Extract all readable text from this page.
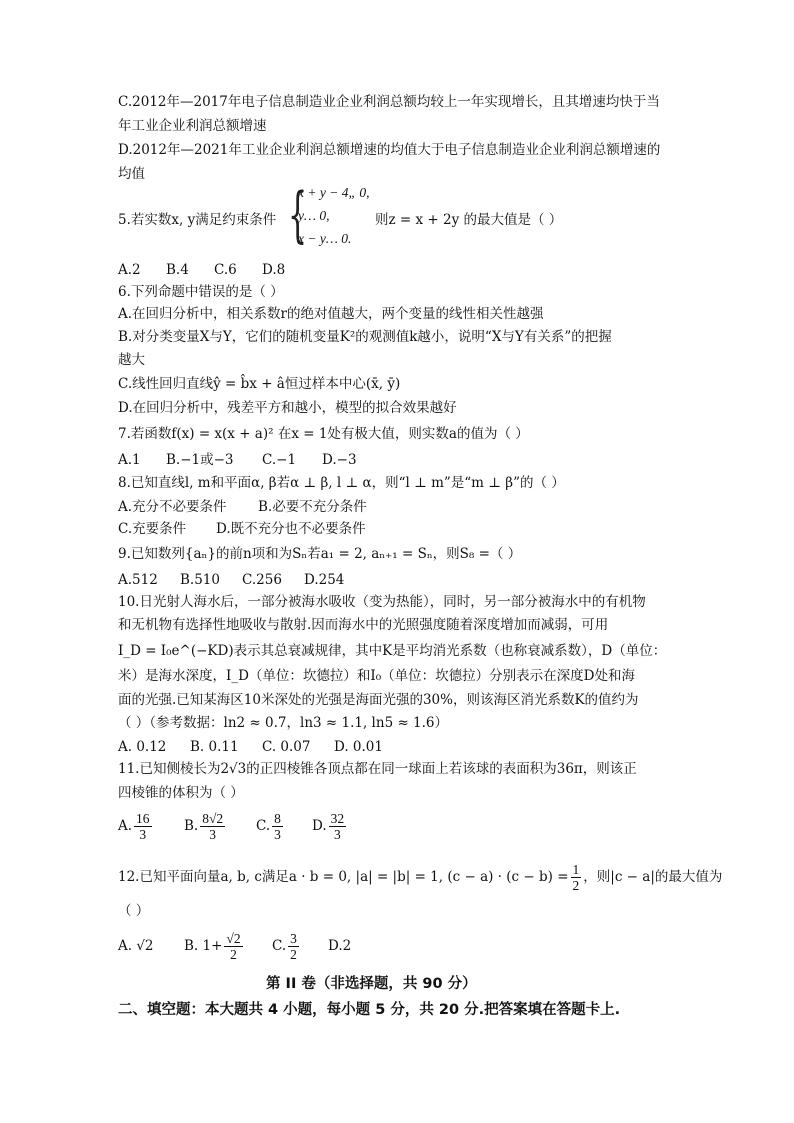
C.2012年—2017年电子信息制造业企业利润总额均较上一年实现增长，且其增速均快于当
年工业企业利润总额增速
D.2012年—2021年工业企业利润总额增速的均值大于电子信息制造业企业利润总额增速的
均值
5.若实数x, y满足约束条件 {
x + y − 4„ 0,
y… 0,
x − y… 0.
则z = x + 2y 的最大值是（ ）
A.2 B.4 C.6 D.8
6.下列命题中错误的是（ ）
A.在回归分析中，相关系数r的绝对值越大，两个变量的线性相关性越强
B.对分类变量X与Y，它们的随机变量K²的观测值k越小，说明“X与Y有关系”的把握
越大
C.线性回归直线ŷ = b̂x + â恒过样本中心(x̄, ȳ)
D.在回归分析中，残差平方和越小，模型的拟合效果越好
7.若函数f(x) = x(x + a)² 在x = 1处有极大值，则实数a的值为（ ）
A.1 B.−1或−3 C.−1 D.−3
8.已知直线l, m和平面α, β若α ⊥ β, l ⊥ α，则“l ⊥ m”是“m ⊥ β”的（ ）
A.充分不必要条件 B.必要不充分条件
C.充要条件 D.既不充分也不必要条件
9.已知数列{aₙ}的前n项和为Sₙ若a₁ = 2, aₙ₊₁ = Sₙ，则S₈ =（ ）
A.512 B.510 C.256 D.254
10.日光射人海水后，一部分被海水吸收（变为热能），同时，另一部分被海水中的有机物
和无机物有选择性地吸收与散射.因而海水中的光照强度随着深度增加而减弱，可用
I_D = I₀e^(−KD)表示其总衰减规律，其中K是平均消光系数（也称衰减系数），D（单位：
米）是海水深度，I_D（单位：坎德拉）和I₀（单位：坎德拉）分别表示在深度D处和海
面的光强.已知某海区10米深处的光强是海面光强的30%，则该海区消光系数K的值约为
（ ）（参考数据：ln2 ≈ 0.7，ln3 ≈ 1.1, ln5 ≈ 1.6）
A. 0.12 B. 0.11 C. 0.07 D. 0.01
11.已知侧棱长为2√3的正四棱锥各顶点都在同一球面上若该球的表面积为36π，则该正
四棱锥的体积为（ ）
A. $\frac{16}{3} B$. $\frac{8√2}{3} C$. $\frac{8}{3} D$. $\frac{32}{3}$
12.已知平面向量a, b, c满足a · b = 0, |a| = |b| = 1, $(c - a) \cdot (c - b) = \frac{1}{2}$ ，则|c − a|的最大值为
（ ）
A. √2 B. $1+ \frac{√2}{2} C$. $\frac{3}{2} D.2$
第 II 卷（非选择题，共 90 分）
二、填空题：本大题共 4 小题，每小题 5 分，共 20 分.把答案填在答题卡上.
